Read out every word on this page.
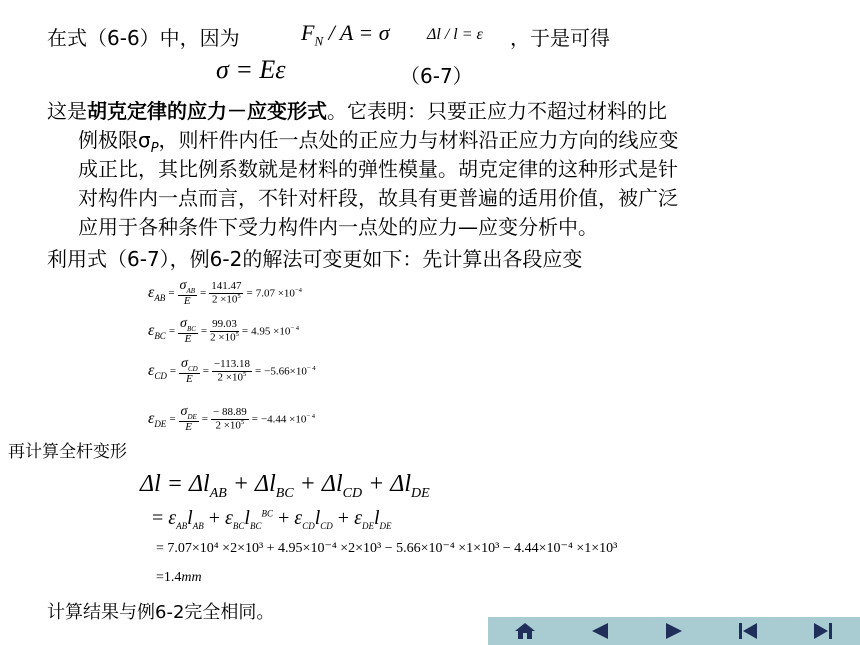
在式（6-6）中，因为	$F_N / A = \sigma$ Δl / l = ε ，于是可得
σ = Eε	（6-7）
这是胡克定律的应力－应变形式。它表明：只要正应力不超过材料的比
例极限$\sigma_P$，则杆件内任一点处的正应力与材料沿正应力方向的线应变
成正比，其比例系数就是材料的弹性模量。胡克定律的这种形式是针
对构件内一点而言，不针对杆段，故具有更普遍的适用价值，被广泛
应用于各种条件下受力构件内一点处的应力—应变分析中。
利用式（6-7），例6-2的解法可变更如下：先计算出各段应变
$\varepsilon_{AB} = \frac{\sigma_{AB}}{E} = \frac{141.47}{2 \times 10^5} = 7.07 \times 10^{-4}$
$\varepsilon_{BC} = \frac{\sigma_{BC}}{E} = \frac{99.03}{2 \times 10^5} = 4.95 \times 10^{- 4}$
$\varepsilon_{CD} = \frac{\sigma_{CD}}{E} = \frac{-113.18}{2 \times 10^5} = -5.66\times 10^{- 4}$
$\varepsilon_{DE} = \frac{\sigma_{DE}}{E} = \frac{- 88.89}{2 \times 10^5} = -4.44 \times 10^{- 4}$
再计算全杆变形
$\Delta l = \Delta l_{AB} + \Delta l_{BC} + \Delta l_{CD} + \Delta l_{DE}$
= $\varepsilon_{AB}l_{AB} + \varepsilon_{BC}l_{BC}^{BC} + \varepsilon_{CD}l_{CD} + \varepsilon_{DE}l_{DE}$
= 7.07×10⁴ ×2×10³ + 4.95×10⁻⁴ ×2×10³ − 5.66×10⁻⁴ ×1×10³ − 4.44×10⁻⁴ ×1×10³
=1.4mm
计算结果与例6-2完全相同。
